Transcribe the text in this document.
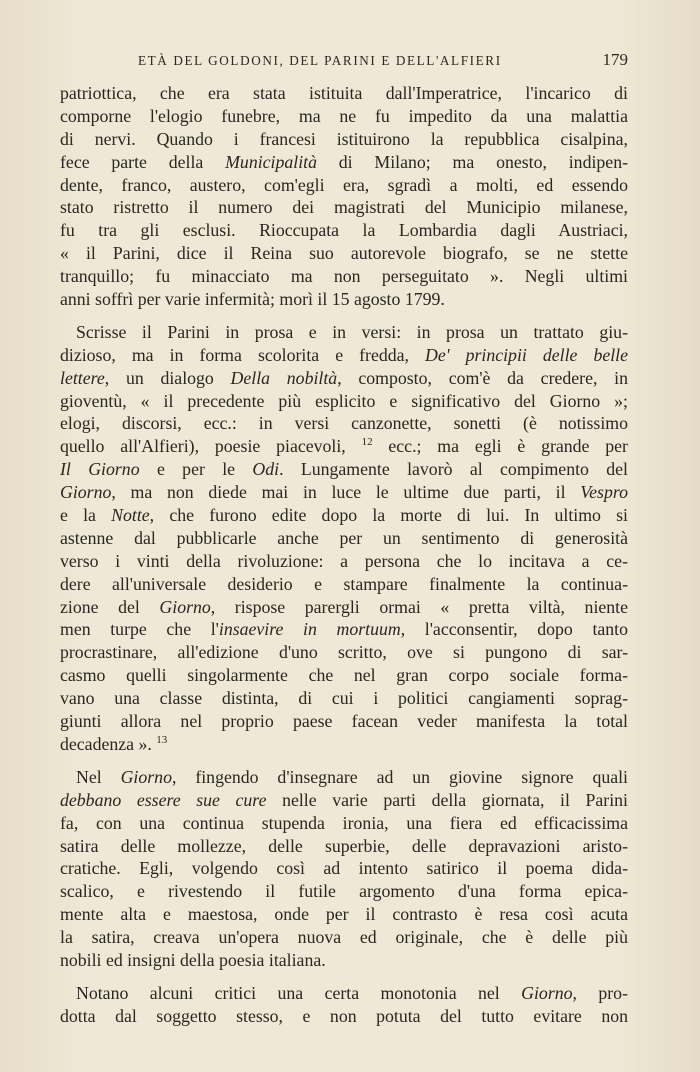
ETÀ DEL GOLDONI, DEL PARINI E DELL'ALFIERI	179
patriottica, che era stata istituita dall'Imperatrice, l'incarico di
comporne l'elogio funebre, ma ne fu impedito da una malattia
di nervi. Quando i francesi istituirono la repubblica cisalpina,
fece parte della Municipalità di Milano; ma onesto, indipen-
dente, franco, austero, com'egli era, sgradì a molti, ed essendo
stato ristretto il numero dei magistrati del Municipio milanese,
fu tra gli esclusi. Rioccupata la Lombardia dagli Austriaci,
« il Parini, dice il Reina suo autorevole biografo, se ne stette
tranquillo; fu minacciato ma non perseguitato ». Negli ultimi
anni soffrì per varie infermità; morì il 15 agosto 1799.
Scrisse il Parini in prosa e in versi: in prosa un trattato giu-
dizioso, ma in forma scolorita e fredda, De' principii delle belle
lettere, un dialogo Della nobiltà, composto, com'è da credere, in
gioventù, « il precedente più esplicito e significativo del Giorno »;
elogi, discorsi, ecc.: in versi canzonette, sonetti (è notissimo
quello all'Alfieri), poesie piacevoli, $^{12}$ ecc.; ma egli è grande per
Il Giorno e per le Odi. Lungamente lavorò al compimento del
Giorno, ma non diede mai in luce le ultime due parti, il Vespro
e la Notte, che furono edite dopo la morte di lui. In ultimo si
astenne dal pubblicarle anche per un sentimento di generosità
verso i vinti della rivoluzione: a persona che lo incitava a ce-
dere all'universale desiderio e stampare finalmente la continua-
zione del Giorno, rispose parergli ormai « pretta viltà, niente
men turpe che l'insaevire in mortuum, l'acconsentir, dopo tanto
procrastinare, all'edizione d'uno scritto, ove si pungono di sar-
casmo quelli singolarmente che nel gran corpo sociale forma-
vano una classe distinta, di cui i politici cangiamenti soprag-
giunti allora nel proprio paese facean veder manifesta la total
decadenza ». $^{13}$
Nel Giorno, fingendo d'insegnare ad un giovine signore quali
debbano essere sue cure nelle varie parti della giornata, il Parini
fa, con una continua stupenda ironia, una fiera ed efficacissima
satira delle mollezze, delle superbie, delle depravazioni aristo-
cratiche. Egli, volgendo così ad intento satirico il poema dida-
scalico, e rivestendo il futile argomento d'una forma epica-
mente alta e maestosa, onde per il contrasto è resa così acuta
la satira, creava un'opera nuova ed originale, che è delle più
nobili ed insigni della poesia italiana.
Notano alcuni critici una certa monotonia nel Giorno, pro-
dotta dal soggetto stesso, e non potuta del tutto evitare non
